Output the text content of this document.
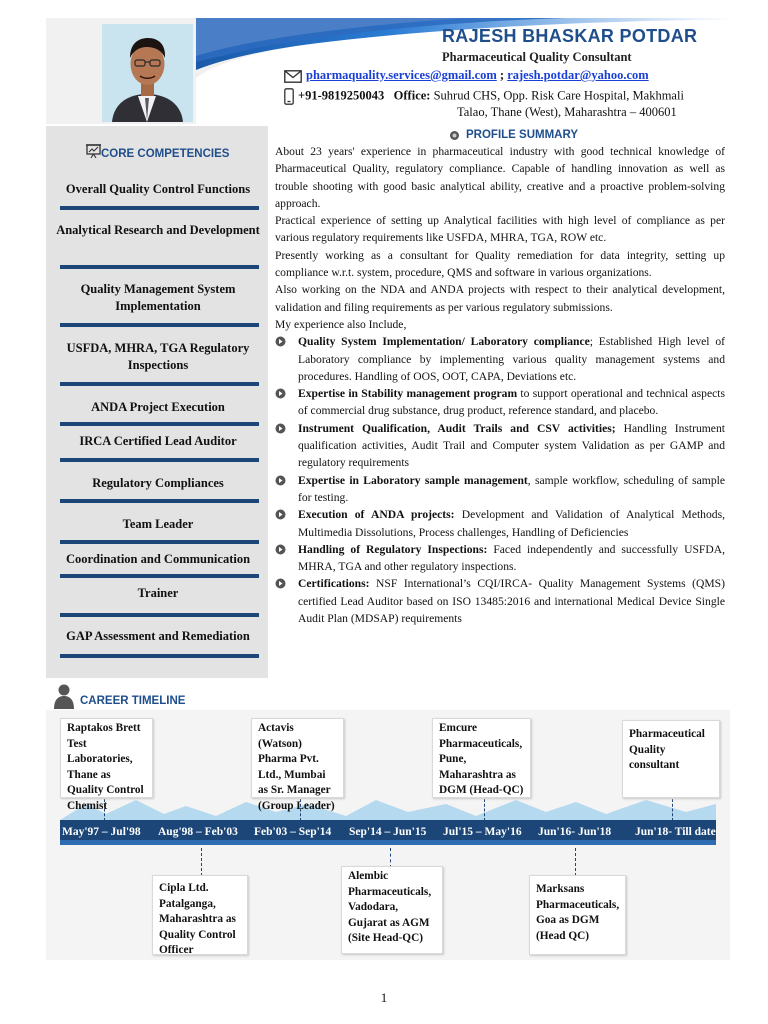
RAJESH BHASKAR POTDAR
Pharmaceutical Quality Consultant
pharmaquality.services@gmail.com ; rajesh.potdar@yahoo.com
+91-9819250043 Office: Suhrud CHS, Opp. Risk Care Hospital, Makhmali
Talao, Thane (West), Maharashtra – 400601
CORE COMPETENCIES
Overall Quality Control Functions
Analytical Research and Development
Quality Management System Implementation
USFDA, MHRA, TGA Regulatory Inspections
ANDA Project Execution
IRCA Certified Lead Auditor
Regulatory Compliances
Team Leader
Coordination and Communication
Trainer
GAP Assessment and Remediation
PROFILE SUMMARY

About 23 years' experience in pharmaceutical industry with good technical knowledge of Pharmaceutical Quality, regulatory compliance. Capable of handling innovation as well as trouble shooting with good basic analytical ability, creative and a proactive problem-solving approach.

Practical experience of setting up Analytical facilities with high level of compliance as per various regulatory requirements like USFDA, MHRA, TGA, ROW etc.

Presently working as a consultant for Quality remediation for data integrity, setting up compliance w.r.t. system, procedure, QMS and software in various organizations.

Also working on the NDA and ANDA projects with respect to their analytical development, validation and filing requirements as per various regulatory submissions.

My experience also Include,

Quality System Implementation/ Laboratory compliance; Established High level of Laboratory compliance by implementing various quality management systems and procedures. Handling of OOS, OOT, CAPA, Deviations etc.
Expertise in Stability management program to support operational and technical aspects of commercial drug substance, drug product, reference standard, and placebo.
Instrument Qualification, Audit Trails and CSV activities; Handling Instrument qualification activities, Audit Trail and Computer system Validation as per GAMP and regulatory requirements
Expertise in Laboratory sample management, sample workflow, scheduling of sample for testing.
Execution of ANDA projects: Development and Validation of Analytical Methods, Multimedia Dissolutions, Process challenges, Handling of Deficiencies
Handling of Regulatory Inspections: Faced independently and successfully USFDA, MHRA, TGA and other regulatory inspections.
Certifications: NSF International’s CQI/IRCA- Quality Management Systems (QMS) certified Lead Auditor based on ISO 13485:2016 and international Medical Device Single Audit Plan (MDSAP) requirements
CAREER TIMELINE
May'97 – Jul'98 Aug'98 – Feb'03 Feb'03 – Sep'14 Sep'14 – Jun'15 Jul'15 – May'16 Jun'16- Jun'18 Jun'18- Till date
Raptakos Brett Test Laboratories, Thane as Quality Control Chemist
Actavis (Watson) Pharma Pvt. Ltd., Mumbai as Sr. Manager (Group Leader)
Emcure Pharmaceuticals, Pune, Maharashtra as DGM (Head-QC)
Pharmaceutical Quality consultant
Cipla Ltd. Patalganga, Maharashtra as Quality Control Officer
Alembic Pharmaceuticals, Vadodara, Gujarat as AGM (Site Head-QC)
Marksans Pharmaceuticals, Goa as DGM (Head QC)
1
